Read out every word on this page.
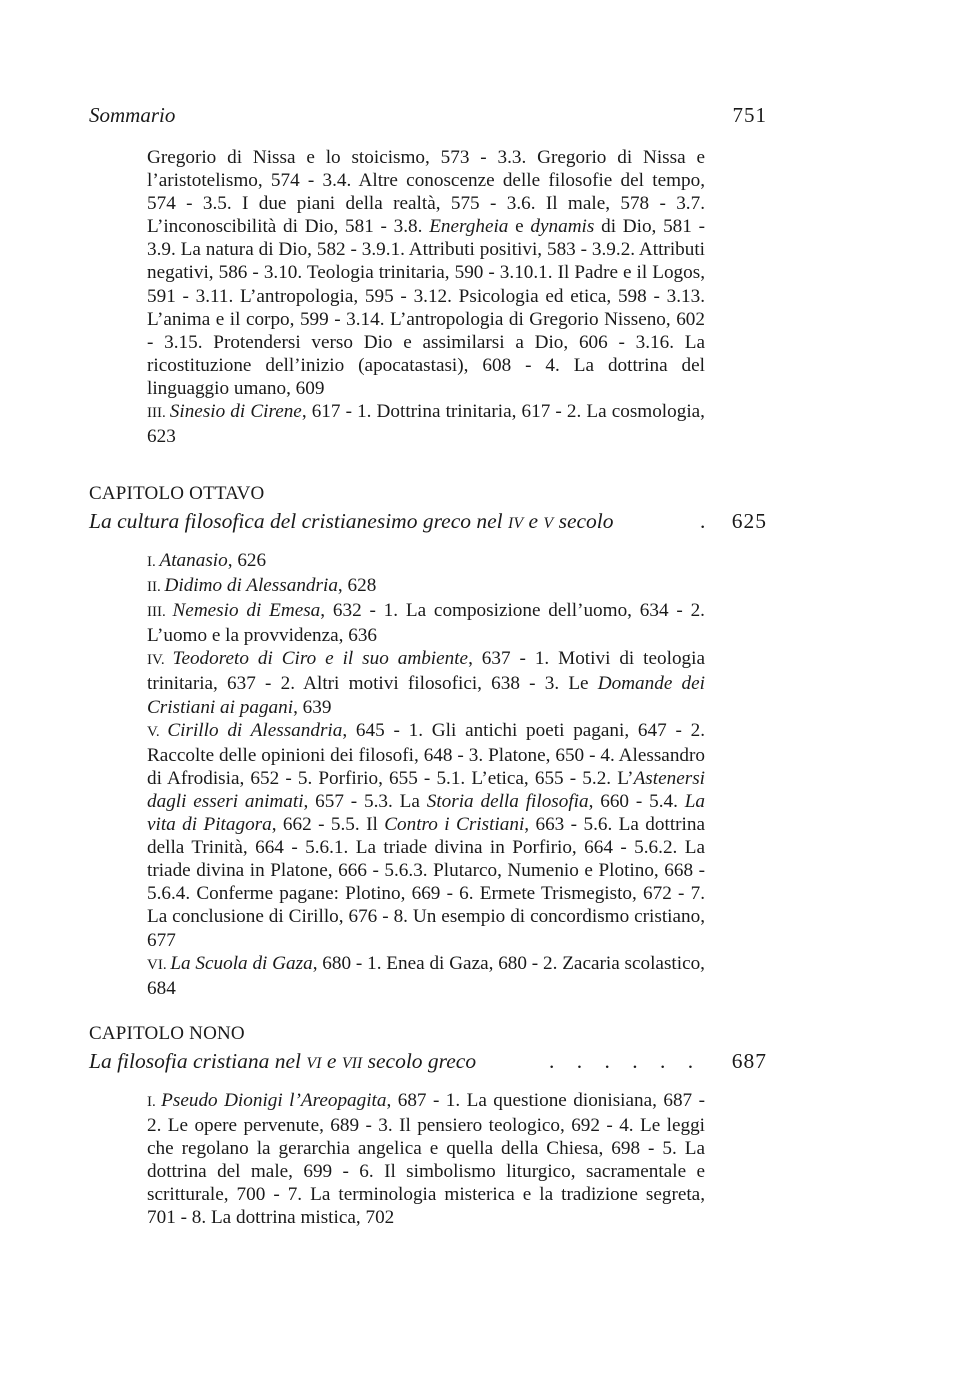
Sommario	751

Gregorio di Nissa e lo stoicismo, 573 - 3.3. Gregorio di Nissa e l’aristotelismo, 574 - 3.4. Altre conoscenze delle filosofie del tempo, 574 - 3.5. I due piani della realtà, 575 - 3.6. Il male, 578 - 3.7. L’inconoscibilità di Dio, 581 - 3.8. Energheia e dynamis di Dio, 581 - 3.9. La natura di Dio, 582 - 3.9.1. Attributi positivi, 583 - 3.9.2. Attributi negativi, 586 - 3.10. Teologia trinitaria, 590 - 3.10.1. Il Padre e il Logos, 591 - 3.11. L’antropologia, 595 - 3.12. Psicologia ed etica, 598 - 3.13. L’anima e il corpo, 599 - 3.14. L’antropologia di Gregorio Nisseno, 602 - 3.15. Protendersi verso Dio e assimilarsi a Dio, 606 - 3.16. La ricostituzione dell’inizio (apocatastasi), 608 - 4. La dottrina del linguaggio umano, 609

III. Sinesio di Cirene, 617 - 1. Dottrina trinitaria, 617 - 2. La cosmologia, 623

CAPITOLO OTTAVO
La cultura filosofica del cristianesimo greco nel IV e V secolo	. 625

I. Atanasio, 626

II. Didimo di Alessandria, 628

III. Nemesio di Emesa, 632 - 1. La composizione dell’uomo, 634 - 2. L’uomo e la provvidenza, 636

IV. Teodoreto di Ciro e il suo ambiente, 637 - 1. Motivi di teologia trinitaria, 637 - 2. Altri motivi filosofici, 638 - 3. Le Domande dei Cristiani ai pagani, 639

V. Cirillo di Alessandria, 645 - 1. Gli antichi poeti pagani, 647 - 2. Raccolte delle opinioni dei filosofi, 648 - 3. Platone, 650 - 4. Alessandro di Afrodisia, 652 - 5. Porfirio, 655 - 5.1. L’etica, 655 - 5.2. L’Astenersi dagli esseri animati, 657 - 5.3. La Storia della filosofia, 660 - 5.4. La vita di Pitagora, 662 - 5.5. Il Contro i Cristiani, 663 - 5.6. La dottrina della Trinità, 664 - 5.6.1. La triade divina in Porfirio, 664 - 5.6.2. La triade divina in Platone, 666 - 5.6.3. Plutarco, Numenio e Plotino, 668 - 5.6.4. Conferme pagane: Plotino, 669 - 6. Ermete Trismegisto, 672 - 7. La conclusione di Cirillo, 676 - 8. Un esempio di concordismo cristiano, 677

VI. La Scuola di Gaza, 680 - 1. Enea di Gaza, 680 - 2. Zacaria scolastico, 684

CAPITOLO NONO
La filosofia cristiana nel VI e VII secolo greco	. . . . . . 687

I. Pseudo Dionigi l’Areopagita, 687 - 1. La questione dionisiana, 687 - 2. Le opere pervenute, 689 - 3. Il pensiero teologico, 692 - 4. Le leggi che regolano la gerarchia angelica e quella della Chiesa, 698 - 5. La dottrina del male, 699 - 6. Il simbolismo liturgico, sacramentale e scritturale, 700 - 7. La terminologia misterica e la tradizione segreta, 701 - 8. La dottrina mistica, 702
